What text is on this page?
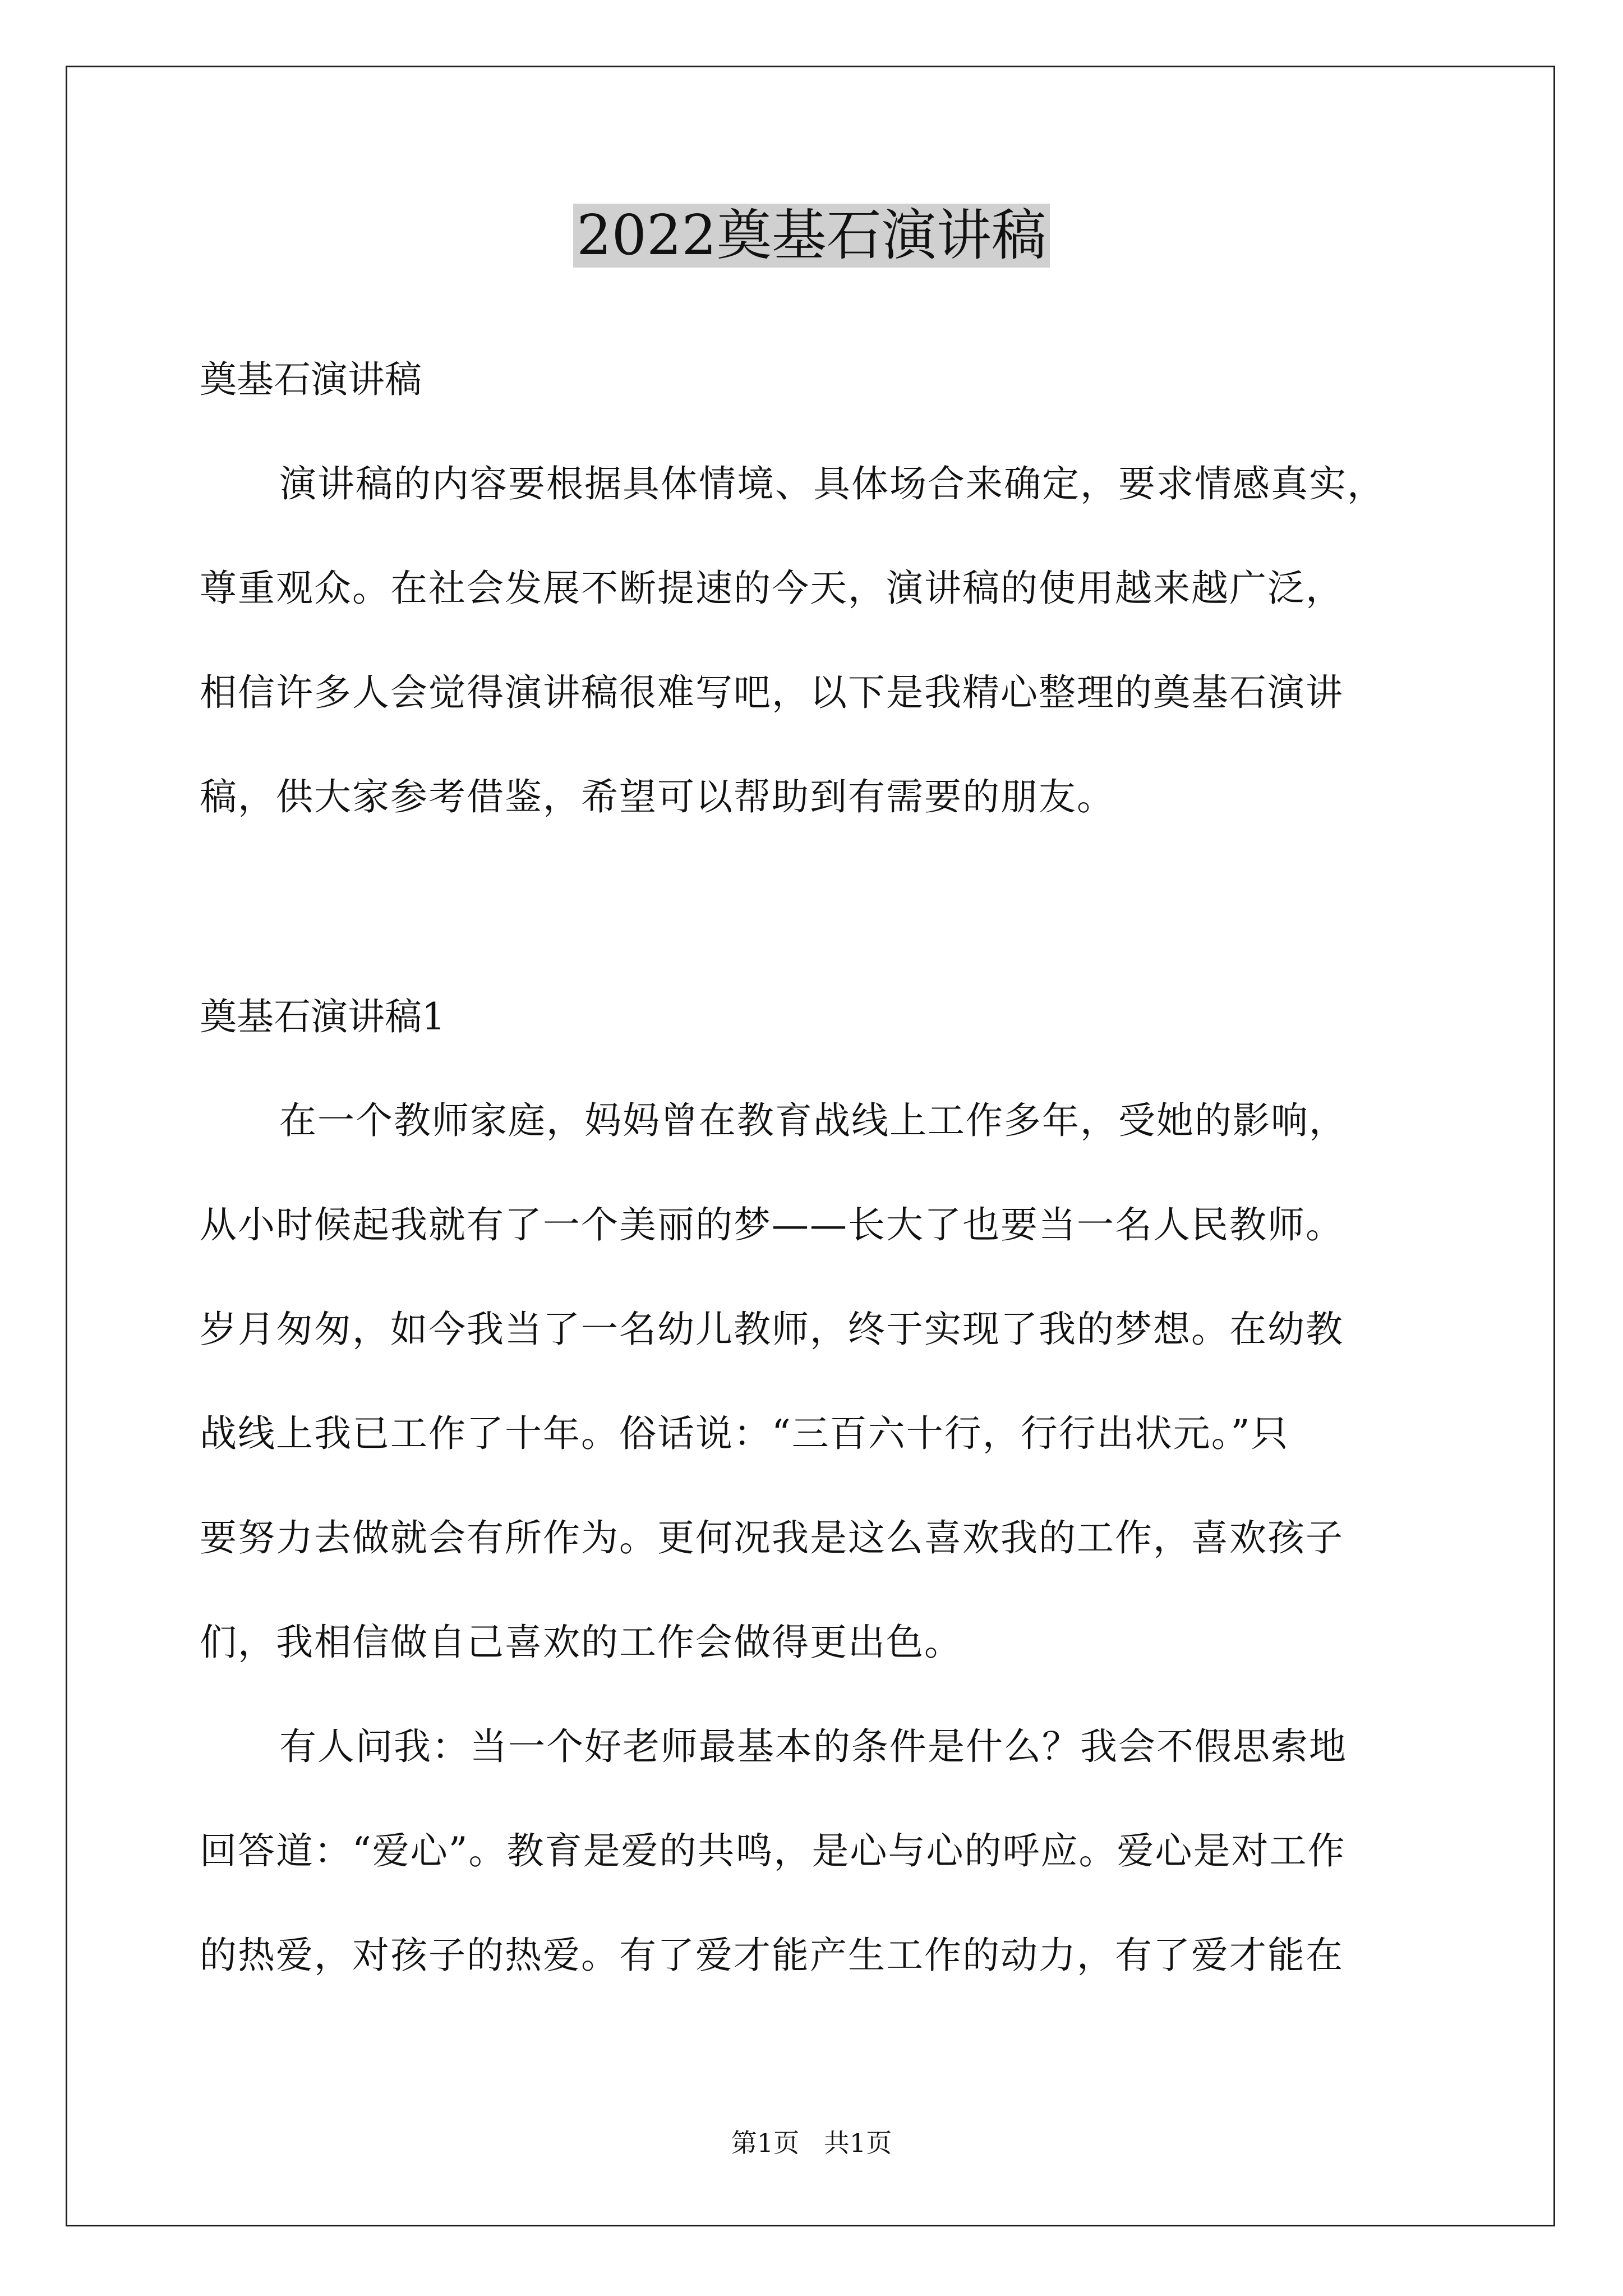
2022奠基石演讲稿
奠基石演讲稿
演讲稿的内容要根据具体情境、具体场合来确定，要求情感真实，
尊重观众。在社会发展不断提速的今天，演讲稿的使用越来越广泛，
相信许多人会觉得演讲稿很难写吧，以下是我精心整理的奠基石演讲
稿，供大家参考借鉴，希望可以帮助到有需要的朋友。
奠基石演讲稿1
在一个教师家庭，妈妈曾在教育战线上工作多年，受她的影响，
从小时候起我就有了一个美丽的梦——长大了也要当一名人民教师。
岁月匆匆，如今我当了一名幼儿教师，终于实现了我的梦想。在幼教
战线上我已工作了十年。俗话说：“三百六十行，行行出状元。”只
要努力去做就会有所作为。更何况我是这么喜欢我的工作，喜欢孩子
们，我相信做自己喜欢的工作会做得更出色。
有人问我：当一个好老师最基本的条件是什么？我会不假思索地
回答道：“爱心”。教育是爱的共鸣，是心与心的呼应。爱心是对工作
的热爱，对孩子的热爱。有了爱才能产生工作的动力，有了爱才能在
第1页   共1页
